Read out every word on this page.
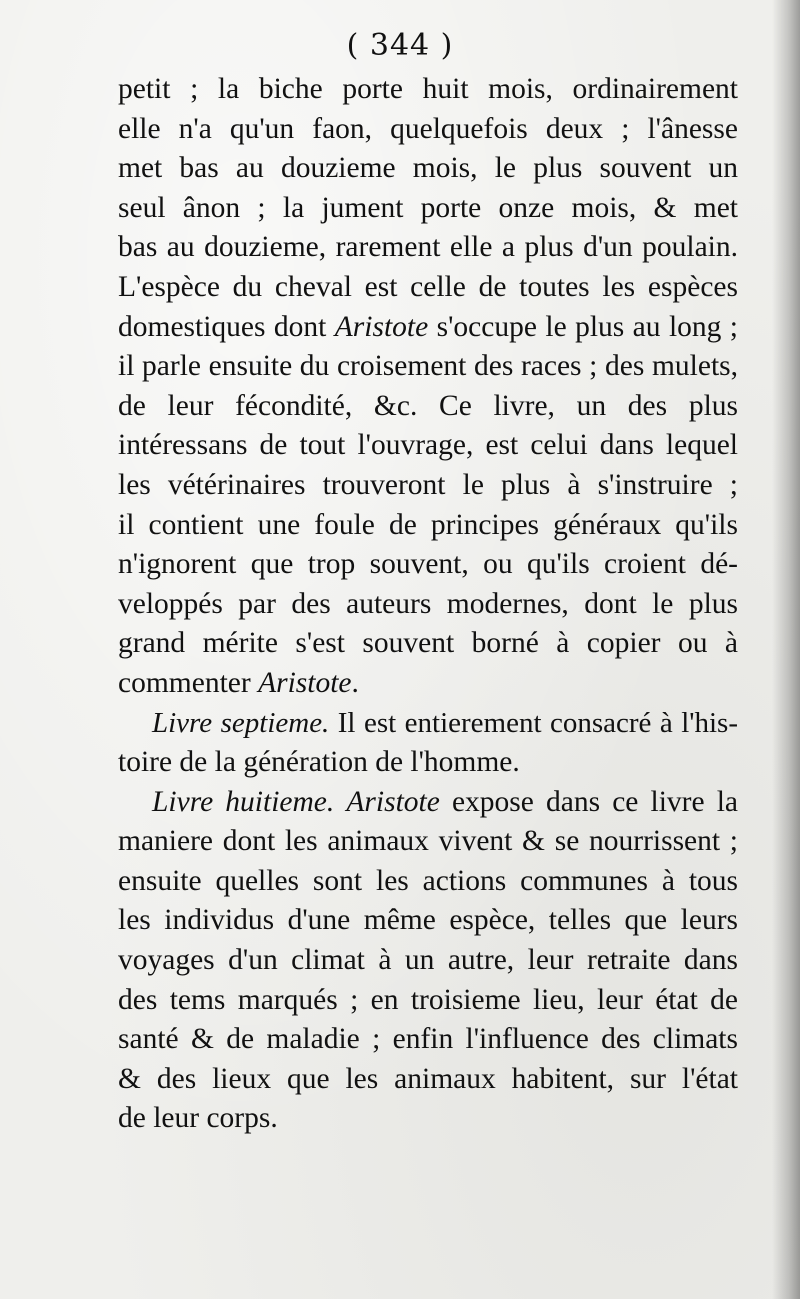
( 344 )
petit ; la biche porte huit mois, ordinairement
elle n'a qu'un faon, quelquefois deux ; l'ânesse
met bas au douzieme mois, le plus souvent un
seul ânon ; la jument porte onze mois, & met
bas au douzieme, rarement elle a plus d'un poulain.
L'espèce du cheval est celle de toutes les espèces
domestiques dont Aristote s'occupe le plus au long ;
il parle ensuite du croisement des races ; des mulets,
de leur fécondité, &c. Ce livre, un des plus
intéressans de tout l'ouvrage, est celui dans lequel
les vétérinaires trouveront le plus à s'instruire ;
il contient une foule de principes généraux qu'ils
n'ignorent que trop souvent, ou qu'ils croient dé-
veloppés par des auteurs modernes, dont le plus
grand mérite s'est souvent borné à copier ou à
commenter Aristote.
Livre septieme. Il est entierement consacré à l'his-
toire de la génération de l'homme.
Livre huitieme. Aristote expose dans ce livre la
maniere dont les animaux vivent & se nourrissent ;
ensuite quelles sont les actions communes à tous
les individus d'une même espèce, telles que leurs
voyages d'un climat à un autre, leur retraite dans
des tems marqués ; en troisieme lieu, leur état de
santé & de maladie ; enfin l'influence des climats
& des lieux que les animaux habitent, sur l'état
de leur corps.
